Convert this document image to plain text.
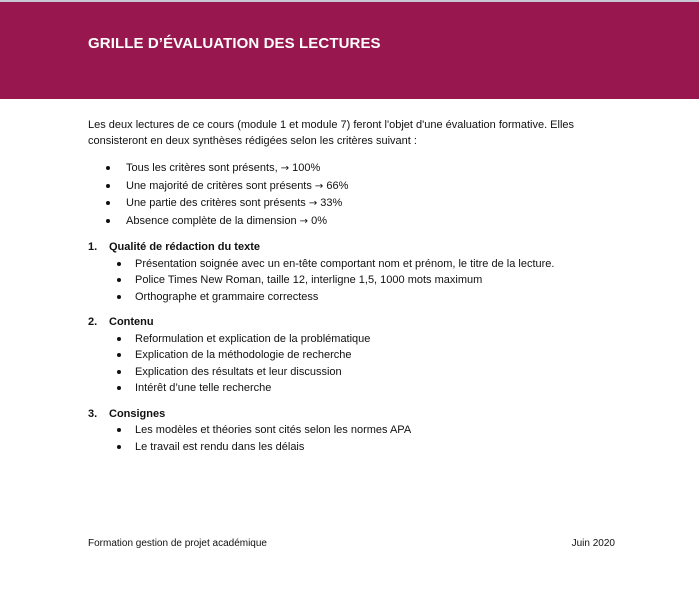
GRILLE D’ÉVALUATION DES LECTURES

Les deux lectures de ce cours (module 1 et module 7) feront l'objet d'une évaluation formative. Elles consisteront en deux synthèses rédigées selon les critères suivant :

Tous les critères sont présents, → 100%
Une majorité de critères sont présents → 66%
Une partie des critères sont présents → 33%
Absence complète de la dimension → 0%
1. Qualité de rédaction du texte
Présentation soignée avec un en-tête comportant nom et prénom, le titre de la lecture.
Police Times New Roman, taille 12, interligne 1,5, 1000 mots maximum
Orthographe et grammaire correctess
2. Contenu
Reformulation et explication de la problématique
Explication de la méthodologie de recherche
Explication des résultats et leur discussion
Intérêt d’une telle recherche
3. Consignes
Les modèles et théories sont cités selon les normes APA
Le travail est rendu dans les délais
Formation gestion de projet académique	Juin 2020
